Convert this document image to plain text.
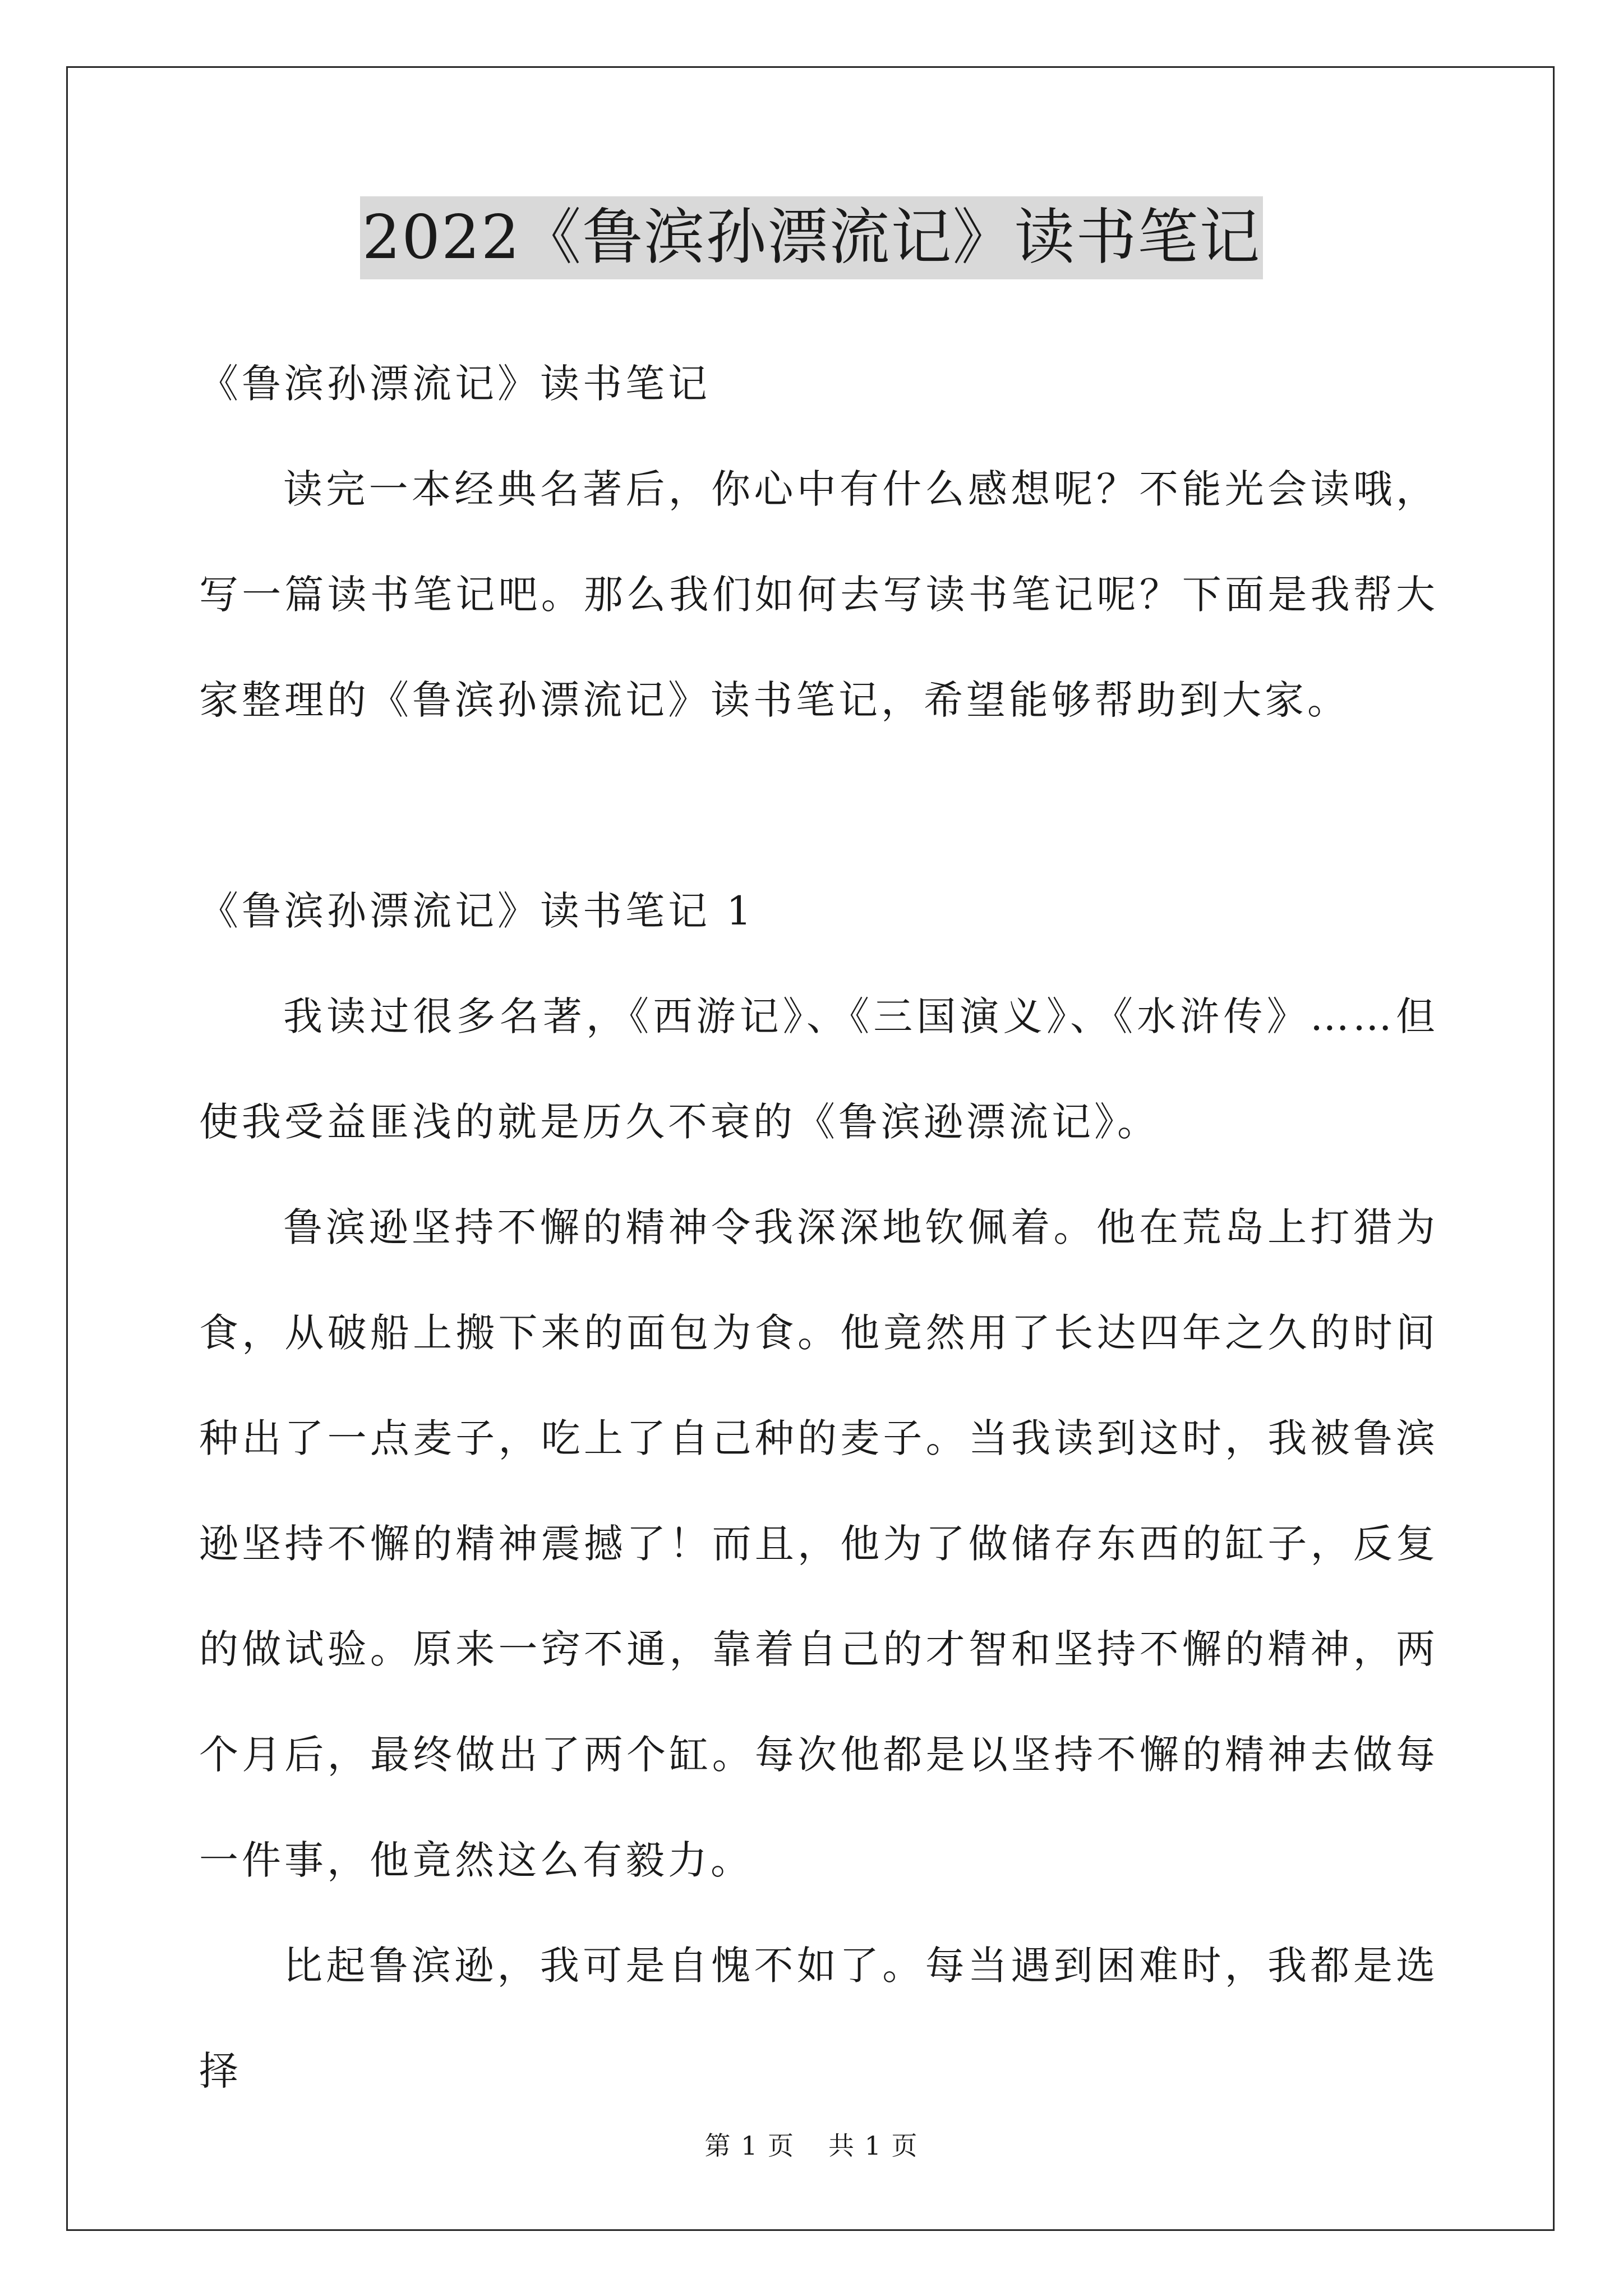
2022《鲁滨孙漂流记》读书笔记

《鲁滨孙漂流记》读书笔记

读完一本经典名著后，你心中有什么感想呢？不能光会读哦，写一篇读书笔记吧。那么我们如何去写读书笔记呢？下面是我帮大家整理的《鲁滨孙漂流记》读书笔记，希望能够帮助到大家。

《鲁滨孙漂流记》读书笔记 1

我读过很多名著，《西游记》、《三国演义》、《水浒传》……但使我受益匪浅的就是历久不衰的《鲁滨逊漂流记》。

鲁滨逊坚持不懈的精神令我深深地钦佩着。他在荒岛上打猎为食，从破船上搬下来的面包为食。他竟然用了长达四年之久的时间种出了一点麦子，吃上了自己种的麦子。当我读到这时，我被鲁滨逊坚持不懈的精神震撼了！而且，他为了做储存东西的缸子，反复的做试验。原来一窍不通，靠着自己的才智和坚持不懈的精神，两个月后，最终做出了两个缸。每次他都是以坚持不懈的精神去做每一件事，他竟然这么有毅力。

比起鲁滨逊，我可是自愧不如了。每当遇到困难时，我都是选择

第 1 页 共 1 页
